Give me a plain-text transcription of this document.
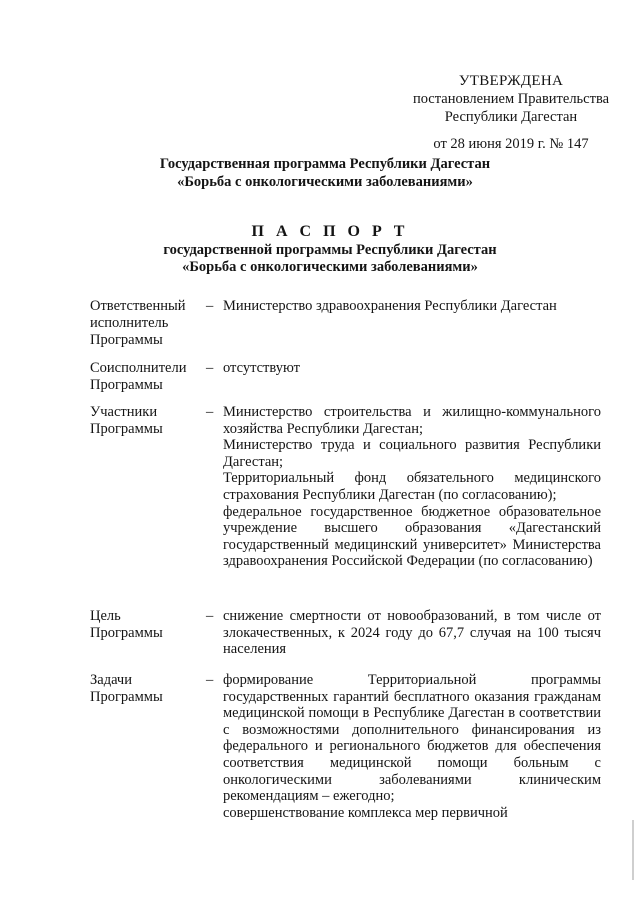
УТВЕРЖДЕНА
постановлением Правительства
Республики Дагестан
от 28 июня 2019 г. № 147
Государственная программа Республики Дагестан
«Борьба с онкологическими заболеваниями»
П А С П О Р Т
государственной программы Республики Дагестан
«Борьба с онкологическими заболеваниями»
Ответственный
исполнитель
Программы
– Министерство здравоохранения Республики Дагестан

Соисполнители
Программы
– отсутствуют

Участники
Программы
– Министерство строительства и жилищно-коммунального хозяйства Республики Дагестан;

Министерство труда и социального развития Республики Дагестан;

Территориальный фонд обязательного медицинского страхования Республики Дагестан (по согласованию);

федеральное государственное бюджетное образовательное учреждение высшего образования «Дагестанский государственный медицинский университет» Министерства здравоохранения Российской Федерации (по согласованию)

Цель
Программы
– снижение смертности от новообразований, в том числе от злокачественных, к 2024 году до 67,7 случая на 100 тысяч населения

Задачи
Программы
– формирование Территориальной программы государственных гарантий бесплатного оказания гражданам медицинской помощи в Республике Дагестан в соответствии с возможностями дополнительного финансирования из федерального и регионального бюджетов для обеспечения соответствия медицинской помощи больным с онкологическими заболеваниями клиническим рекомендациям – ежегодно;

совершенствование комплекса мер первичной
